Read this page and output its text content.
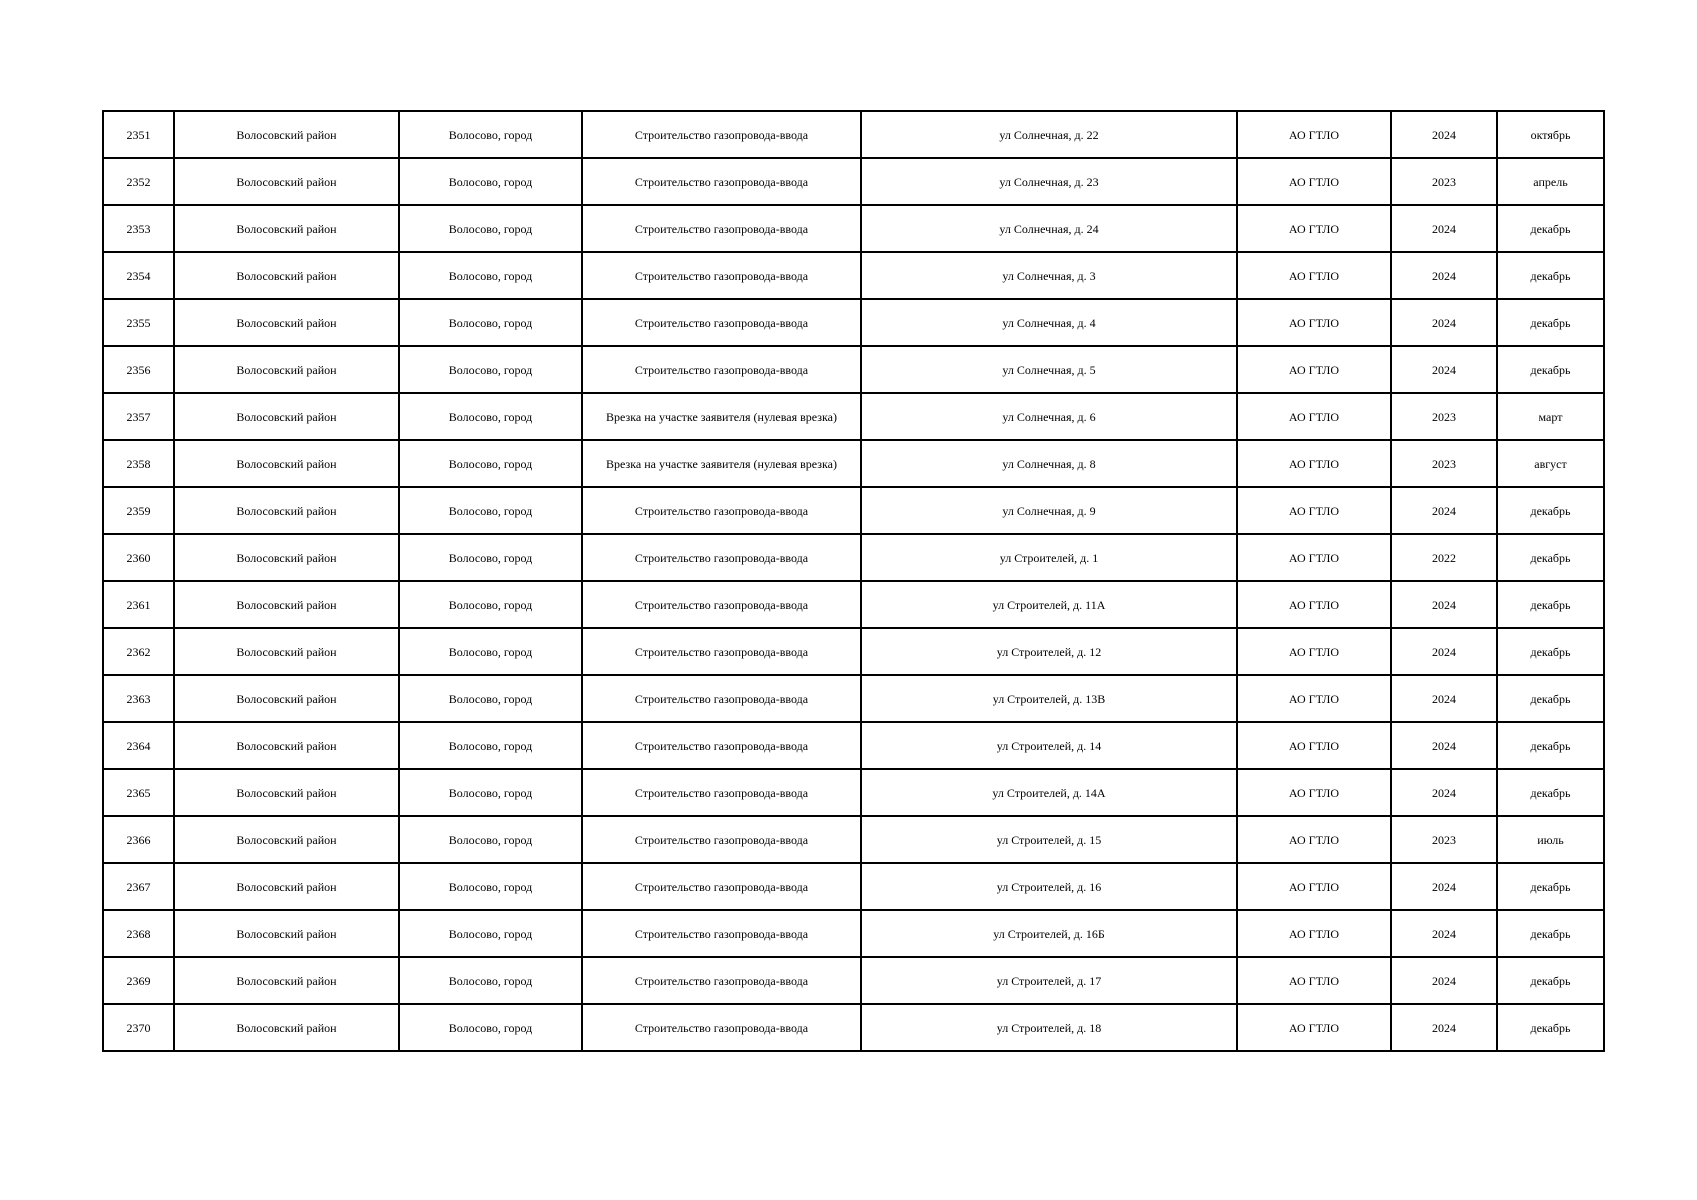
2351	Волосовский район	Волосово, город	Строительство газопровода-ввода	ул Солнечная, д. 22	АО ГТЛО	2024	октябрь
2352	Волосовский район	Волосово, город	Строительство газопровода-ввода	ул Солнечная, д. 23	АО ГТЛО	2023	апрель
2353	Волосовский район	Волосово, город	Строительство газопровода-ввода	ул Солнечная, д. 24	АО ГТЛО	2024	декабрь
2354	Волосовский район	Волосово, город	Строительство газопровода-ввода	ул Солнечная, д. 3	АО ГТЛО	2024	декабрь
2355	Волосовский район	Волосово, город	Строительство газопровода-ввода	ул Солнечная, д. 4	АО ГТЛО	2024	декабрь
2356	Волосовский район	Волосово, город	Строительство газопровода-ввода	ул Солнечная, д. 5	АО ГТЛО	2024	декабрь
2357	Волосовский район	Волосово, город	Врезка на участке заявителя (нулевая врезка)	ул Солнечная, д. 6	АО ГТЛО	2023	март
2358	Волосовский район	Волосово, город	Врезка на участке заявителя (нулевая врезка)	ул Солнечная, д. 8	АО ГТЛО	2023	август
2359	Волосовский район	Волосово, город	Строительство газопровода-ввода	ул Солнечная, д. 9	АО ГТЛО	2024	декабрь
2360	Волосовский район	Волосово, город	Строительство газопровода-ввода	ул Строителей, д. 1	АО ГТЛО	2022	декабрь
2361	Волосовский район	Волосово, город	Строительство газопровода-ввода	ул Строителей, д. 11А	АО ГТЛО	2024	декабрь
2362	Волосовский район	Волосово, город	Строительство газопровода-ввода	ул Строителей, д. 12	АО ГТЛО	2024	декабрь
2363	Волосовский район	Волосово, город	Строительство газопровода-ввода	ул Строителей, д. 13В	АО ГТЛО	2024	декабрь
2364	Волосовский район	Волосово, город	Строительство газопровода-ввода	ул Строителей, д. 14	АО ГТЛО	2024	декабрь
2365	Волосовский район	Волосово, город	Строительство газопровода-ввода	ул Строителей, д. 14А	АО ГТЛО	2024	декабрь
2366	Волосовский район	Волосово, город	Строительство газопровода-ввода	ул Строителей, д. 15	АО ГТЛО	2023	июль
2367	Волосовский район	Волосово, город	Строительство газопровода-ввода	ул Строителей, д. 16	АО ГТЛО	2024	декабрь
2368	Волосовский район	Волосово, город	Строительство газопровода-ввода	ул Строителей, д. 16Б	АО ГТЛО	2024	декабрь
2369	Волосовский район	Волосово, город	Строительство газопровода-ввода	ул Строителей, д. 17	АО ГТЛО	2024	декабрь
2370	Волосовский район	Волосово, город	Строительство газопровода-ввода	ул Строителей, д. 18	АО ГТЛО	2024	декабрь
